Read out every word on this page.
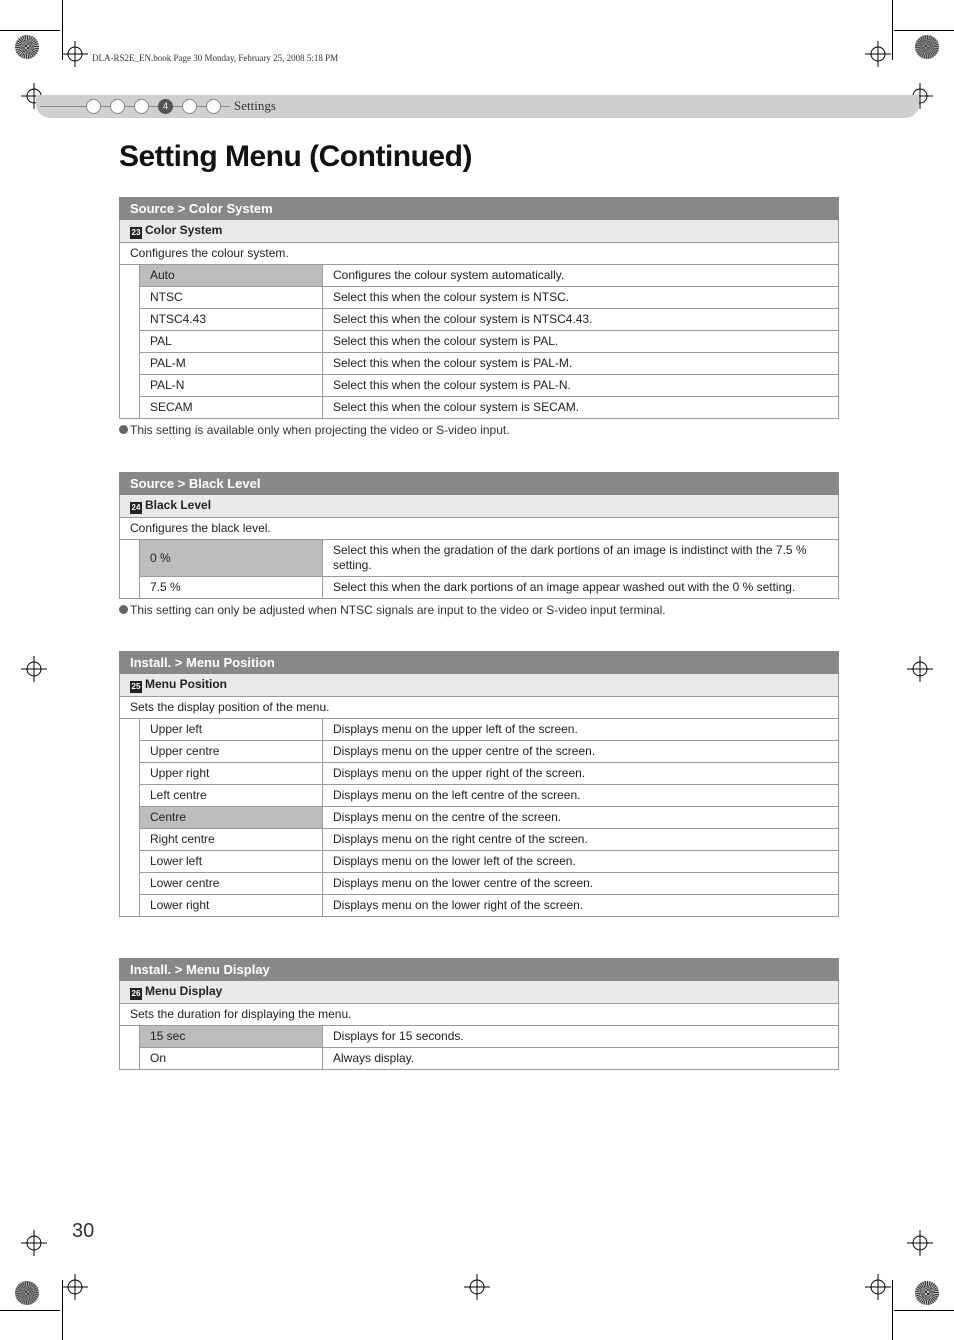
DLA-RS2E_EN.book Page 30 Monday, February 25, 2008 5:18 PM
4	Settings
Setting Menu (Continued)
Source > Color System		
23 Color System		
Configures the colour system.		
	Auto	Configures the colour system automatically.
	NTSC	Select this when the colour system is NTSC.
	NTSC4.43	Select this when the colour system is NTSC4.43.
	PAL	Select this when the colour system is PAL.
	PAL-M	Select this when the colour system is PAL-M.
	PAL-N	Select this when the colour system is PAL-N.
	SECAM	Select this when the colour system is SECAM.
This setting is available only when projecting the video or S-video input.
Source > Black Level		
24 Black Level		
Configures the black level.		
	0 %	Select this when the gradation of the dark portions of an image is indistinct with the 7.5 % setting.
	7.5 %	Select this when the dark portions of an image appear washed out with the 0 % setting.
This setting can only be adjusted when NTSC signals are input to the video or S-video input terminal.
Install. > Menu Position		
25 Menu Position		
Sets the display position of the menu.		
	Upper left	Displays menu on the upper left of the screen.
	Upper centre	Displays menu on the upper centre of the screen.
	Upper right	Displays menu on the upper right of the screen.
	Left centre	Displays menu on the left centre of the screen.
	Centre	Displays menu on the centre of the screen.
	Right centre	Displays menu on the right centre of the screen.
	Lower left	Displays menu on the lower left of the screen.
	Lower centre	Displays menu on the lower centre of the screen.
	Lower right	Displays menu on the lower right of the screen.
Install. > Menu Display		
26 Menu Display		
Sets the duration for displaying the menu.		
	15 sec	Displays for 15 seconds.
	On	Always display.
30
